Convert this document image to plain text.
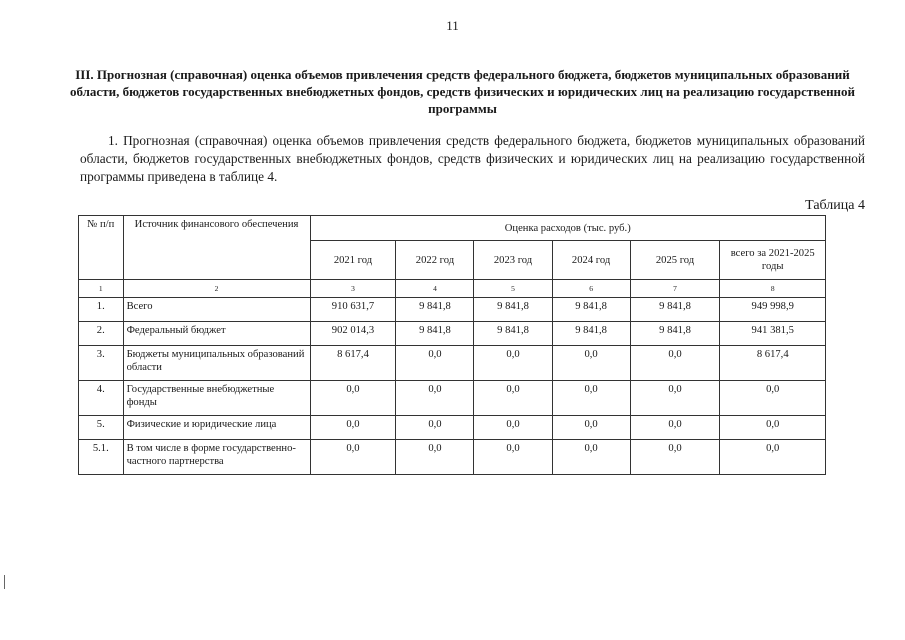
11
III. Прогнозная (справочная) оценка объемов привлечения средств федерального бюджета, бюджетов муниципальных образований области, бюджетов государственных внебюджетных фондов, средств физических и юридических лиц на реализацию государственной программы
1. Прогнозная (справочная) оценка объемов привлечения средств федерального бюджета, бюджетов муниципальных образований области, бюджетов государственных внебюджетных фондов, средств физических и юридических лиц на реализацию государственной программы приведена в таблице 4.
Таблица 4
№ п/п	Источник финансового обеспечения	Оценка расходов (тыс. руб.)					
		2021 год	2022 год	2023 год	2024 год	2025 год	всего за 2021-2025 годы
1	2	3	4	5	6	7	8
1.	Всего	910 631,7	9 841,8	9 841,8	9 841,8	9 841,8	949 998,9
2.	Федеральный бюджет	902 014,3	9 841,8	9 841,8	9 841,8	9 841,8	941 381,5
3.	Бюджеты муниципальных образований области	8 617,4	0,0	0,0	0,0	0,0	8 617,4
4.	Государственные внебюджетные фонды	0,0	0,0	0,0	0,0	0,0	0,0
5.	Физические и юридические лица	0,0	0,0	0,0	0,0	0,0	0,0
5.1.	В том числе в форме государственно-частного партнерства	0,0	0,0	0,0	0,0	0,0	0,0
